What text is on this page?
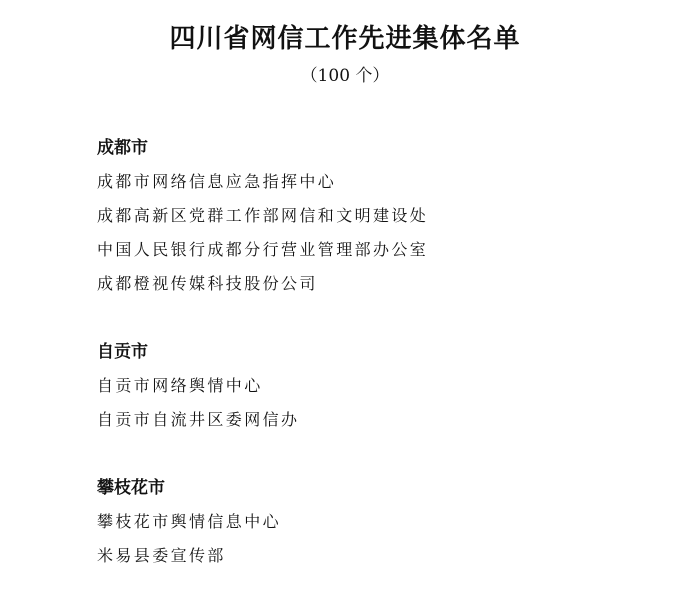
四川省网信工作先进集体名单
（100 个）
成都市
成都市网络信息应急指挥中心
成都高新区党群工作部网信和文明建设处
中国人民银行成都分行营业管理部办公室
成都橙视传媒科技股份公司
自贡市
自贡市网络舆情中心
自贡市自流井区委网信办
攀枝花市
攀枝花市舆情信息中心
米易县委宣传部
